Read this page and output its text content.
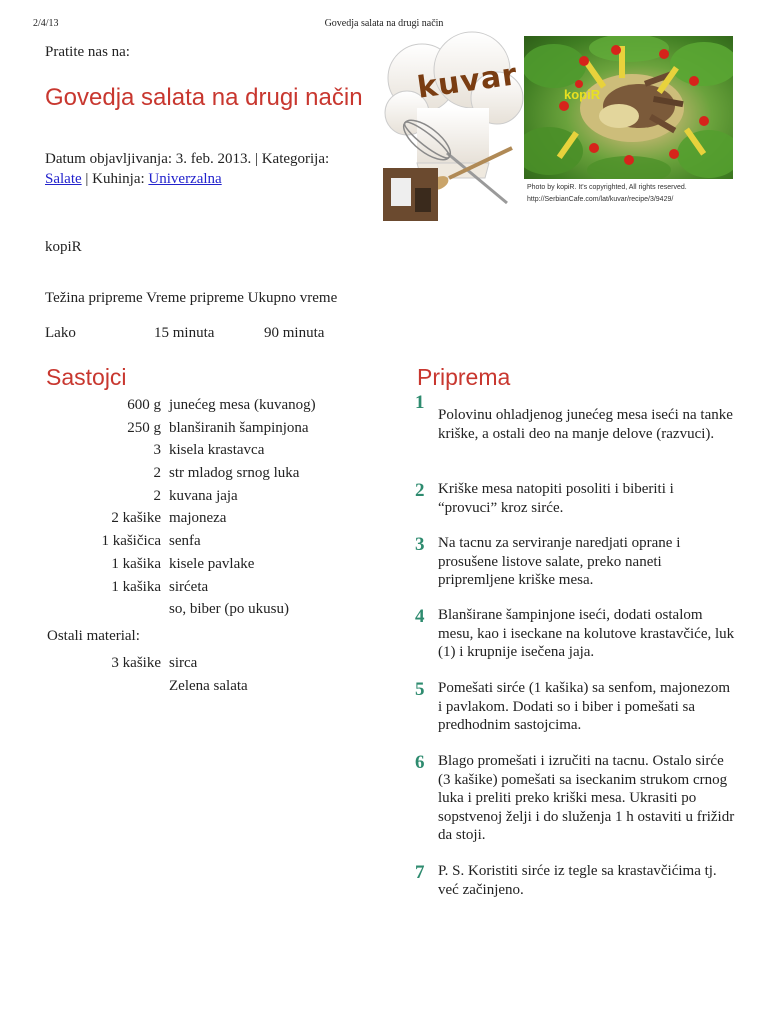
2/4/13	Govedja salata na drugi način
Pratite nas na:
Govedja salata na drugi način
Datum objavljivanja: 3. feb. 2013. | Kategorija:
Salate | Kuhinja: Univerzalna
kopiR
Težina pripreme Vreme pripreme Ukupno vreme
Lako	15 minuta	90 minuta
kuvar	kopiR
Photo by kopiR. It's copyrighted, All rights reserved.
http://SerbianCafe.com/lat/kuvar/recipe/3/9429/
Sastojci
600 g junećeg mesa (kuvanog)
250 g blanširanih šampinjona
3 kisela krastavca
2 str mladog srnog luka
2 kuvana jaja
2 kašike majoneza
1 kašičica senfa
1 kašika kisele pavlake
1 kašika sirćeta
so, biber (po ukusu)
Ostali material:
3 kašike sirca
Zelena salata
Priprema
1
Polovinu ohladjenog junećeg mesa iseći na tanke kriške, a ostali deo na manje delove (razvuci).
2 Kriške mesa natopiti posoliti i biberiti i “provuci” kroz sirće.
3 Na tacnu za serviranje naredjati oprane i prosušene listove salate, preko naneti pripremljene kriške mesa.
4 Blanširane šampinjone iseći, dodati ostalom mesu, kao i iseckane na kolutove krastavčiće, luk (1) i krupnije isečena jaja.
5 Pomešati sirće (1 kašika) sa senfom, majonezom i pavlakom. Dodati so i biber i pomešati sa predhodnim sastojcima.
6 Blago promešati i izručiti na tacnu. Ostalo sirće (3 kašike) pomešati sa iseckanim strukom crnog luka i preliti preko kriški mesa. Ukrasiti po sopstvenoj želji i do služenja 1 h ostaviti u frižidr da stoji.
7 P. S. Koristiti sirće iz tegle sa krastavčićima tj. već začinjeno.
